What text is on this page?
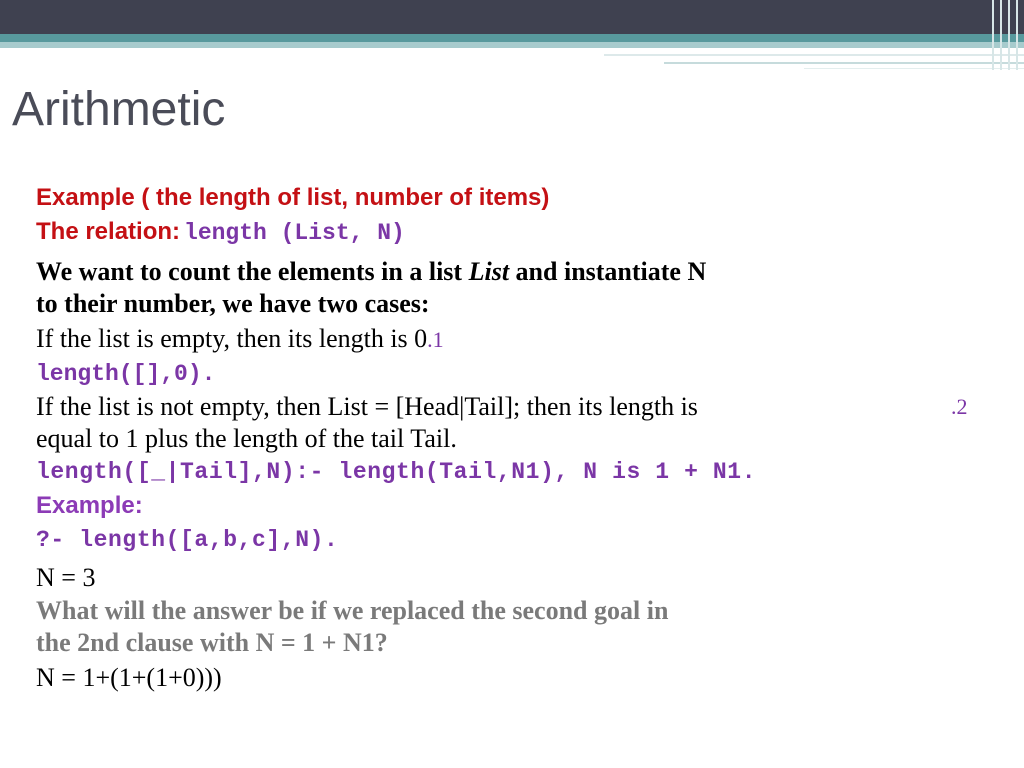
Arithmetic
Example ( the length of list, number of items)
The relation: length (List, N)
We want to count the elements in a list List and instantiate N
to their number, we have two cases:
If the list is empty, then its length is 0.1
length([],0).
If the list is not empty, then List = [Head|Tail]; then its length is	.2
equal to 1 plus the length of the tail Tail.
length([_|Tail],N):- length(Tail,N1), N is 1 + N1.
Example:
?- length([a,b,c],N).
N = 3
What will the answer be if we replaced the second goal in
the 2nd clause with N = 1 + N1?
N = 1+(1+(1+0)))
